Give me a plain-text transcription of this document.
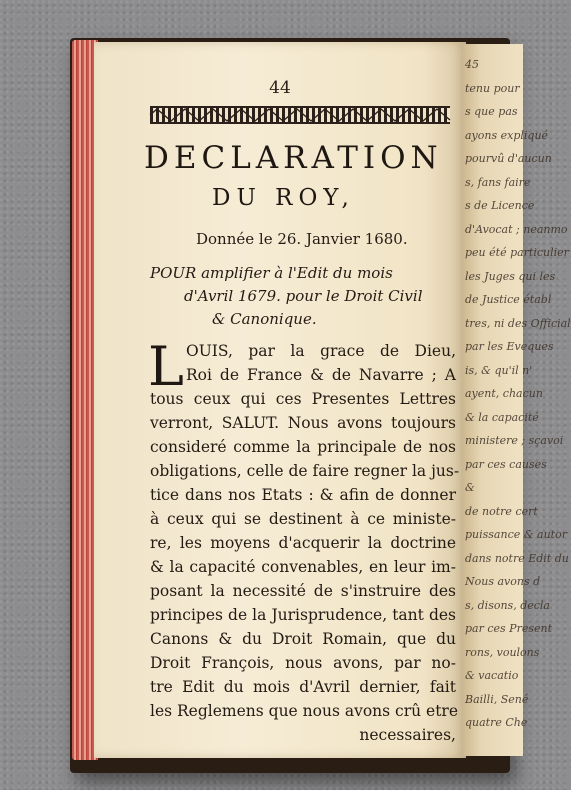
44
DECLARATION
DU ROY,
Donnée le 26. Janvier 1680.
POUR amplifier à l'Edit du mois
d'Avril 1679. pour le Droit Civil
& Canonique.
L OUIS, par la grace de Dieu,
Roi de France & de Navarre ; A
tous ceux qui ces Presentes Lettres
verront, SALUT. Nous avons toujours
consideré comme la principale de nos
obligations, celle de faire regner la jus-
tice dans nos Etats : & afin de donner
à ceux qui se destinent à ce ministe-
re, les moyens d'acquerir la doctrine
& la capacité convenables, en leur im-
posant la necessité de s'instruire des
principes de la Jurisprudence, tant des
Canons & du Droit Romain, que du
Droit François, nous avons, par no-
tre Edit du mois d'Avril dernier, fait
les Reglemens que nous avons crû etre
necessaires,
45
tenu pour
s que pas
ayons expliqué
pourvû d'aucun
s, fans faire
s de Licence
d'Avocat ; neanmo
peu été particulier
les Juges qui les
de Justice établ
tres, ni des Official
par les Eveques
is, & qu'il n'
ayent, chacun
& la capacité
ministere ; sçavoi
par ces causes
&
de notre cert
puissance & autor
dans notre Edit du
Nous avons d
s, disons, decla
par ces Present
rons, voulons
& vacatio
Bailli, Sené
quatre Che
